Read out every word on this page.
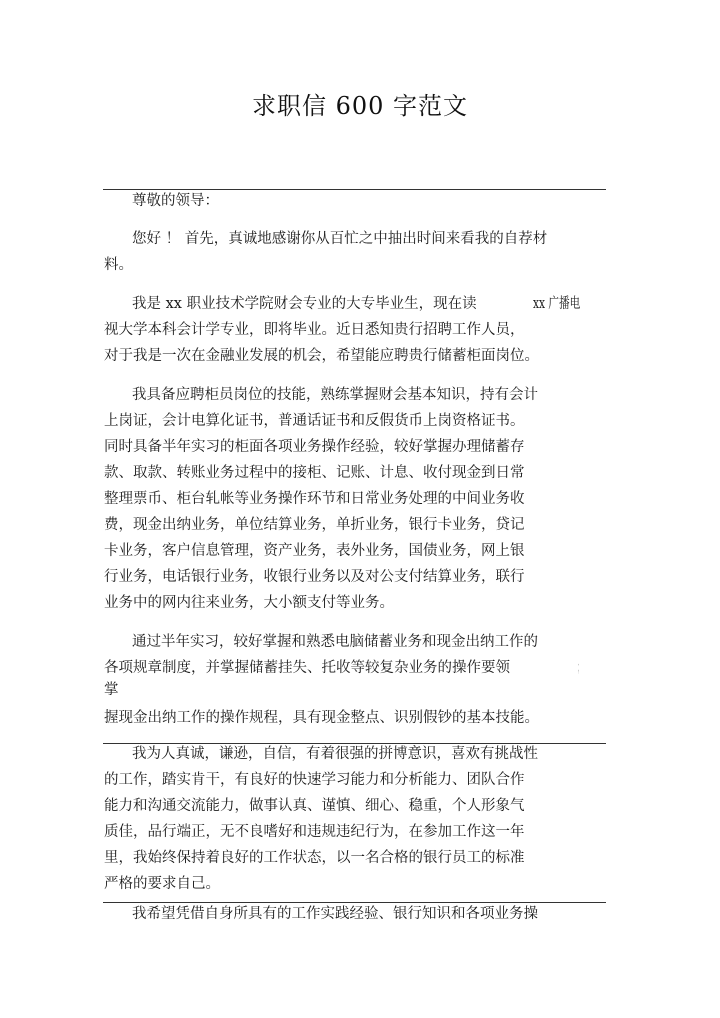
求职信 600 字范文
尊敬的领导：
您好 ！ 首先，真诚地感谢你从百忙之中抽出时间来看我的自荐材
料。
我是 xx 职业技术学院财会专业的大专毕业生，现在读	xx 广播电
视大学本科会计学专业，即将毕业。近日悉知贵行招聘工作人员，
对于我是一次在金融业发展的机会，希望能应聘贵行储蓄柜面岗位。
我具备应聘柜员岗位的技能，熟练掌握财会基本知识，持有会计
上岗证，会计电算化证书，普通话证书和反假货币上岗资格证书。
同时具备半年实习的柜面各项业务操作经验，较好掌握办理储蓄存
款、取款、转账业务过程中的接柜、记账、计息、收付现金到日常
整理票币、柜台轧帐等业务操作环节和日常业务处理的中间业务收
费，现金出纳业务，单位结算业务，单折业务，银行卡业务，贷记
卡业务，客户信息管理，资产业务，表外业务，国债业务，网上银
行业务，电话银行业务，收银行业务以及对公支付结算业务，联行
业务中的网内往来业务，大小额支付等业务。
通过半年实习，较好掌握和熟悉电脑储蓄业务和现金出纳工作的
各项规章制度，并掌握储蓄挂失、托收等较复杂业务的操作要领	；
掌
握现金出纳工作的操作规程，具有现金整点、识别假钞的基本技能。
我为人真诚，谦逊，自信，有着很强的拼博意识，喜欢有挑战性
的工作，踏实肯干，有良好的快速学习能力和分析能力、团队合作
能力和沟通交流能力，做事认真、谨慎、细心、稳重，个人形象气
质佳，品行端正，无不良嗜好和违规违纪行为，在参加工作这一年
里，我始终保持着良好的工作状态，以一名合格的银行员工的标准
严格的要求自己。
我希望凭借自身所具有的工作实践经验、银行知识和各项业务操
